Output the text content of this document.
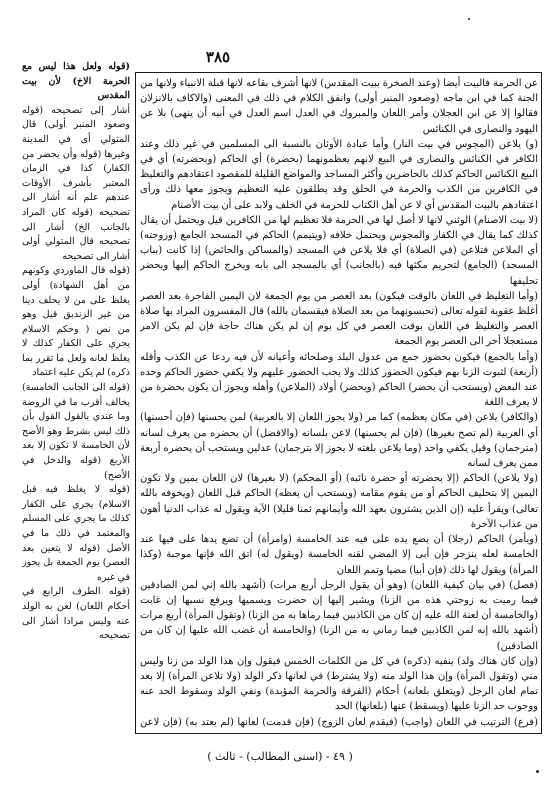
٣٨٥

(قوله ولعل هذا ليس مع الحرمة الاخ) لأن بيت المقدس

أشار إلى تصحيحه (قوله وصعود المنبر أولى) قال المتولي أى في المدينة وغيرها (قوله وأن يحضر من الكفار) كذا في الزمان المعتبر بأشرف الأوقات عندهم علم أنه أشار الى تصحيحه (قوله كان المراد بالجانب الخ) أشار الى تصحيحه قال المتولي أولى أشار الى تصحيحه

(قوله قال الماوردي وكونهم من أهل الشهادة) أولى يغلظ على من لا يحلف دينا من غير الزنديق قيل وهو من نص ( وحكم الاسلام يجري على الكفار كذلك لا يغلظ لعانه ولعل ما تقرر بما ذكره) لم يكن عليه اعتماد

(قوله الى الجانب الخامسة) يخالف أقرب ما في الروضة وما عندي بالقول القول بأن ذلك ليس بشرط وهو الأصح لأن الخامسة لا تكون إلا بعد الأربع (قوله والدخل في الأصح)

(قوله لا يغلظ فيه قبل الاسلام) يجري على الكفار كذلك ما يجري على المسلم والمعتمد في ذلك ما في الأصل (قوله لا يتعين بعد العصر) يوم الجمعة بل يجوز في غيره

(قوله الطرف الرابع في أحكام اللعان) لعن به الولد عنه وليس مرادا أشار الى تصحيحه

عن الحرمة فالبيت أيضا (وعند الصخرة ببيت المقدس) لانها أشرف بقاعه لانها قبلة الانبياء ولانها من الجنة كما في ابن ماجه (وصعود المنبر أولى) وانفق الكلام في ذلك في المعنى (والاكاف بالانزلان فقالوا إلا عن ابن العجلان وأمر اللعان والمبروك في العدل اسم العدل في أبيه أن ينهى) بلا عن اليهود والنصارى في الكنائس

(و) يلاعن (المجوس في بيت النار) وأما عبادة الأوثان بالنسبة الى المسلمين في غير ذلك وعند الكافر في الكنائس والنصارى في البيع لانهم يعظمونهما (بحضرة) أي الحاكم (وبحضرته) أي في البيع الكنائس الحاكم كذلك بالحاضرين وأكثر المساجد والمواضع القليلة للمقصود اعتقادهم والتغليظ في الكافرين من الكذب والحرمة في الخلق وقد يطلقون عليه التعظيم ويجوز معها ذلك ورأى اعتقادهم بالبيت المقدس أي لا عن أهل الكتاب للحرمة في الخلف ولابد على أن بيت الأصنام

(لا بيت الاصنام) الوثني لانها لا أصل لها في الحرمة فلا تعظيم لها من الكافرين قيل ويحتمل أن يقال كذلك كما يقال في الكفار والمجوس ويحتمل خلافه (ويتيمم) الحاكم في المسجد الجامع (وزوجته) أي الملاعن فتلاعن (في الصلاة) أي فلا يلاعن في المسجد (والمساكن والحائض) إذا كانت (بباب المسجد) (الجامع) لتحريم مكثها فيه (بالجانب) أي بالمسجد الى بابه ويخرج الحاكم إليها ويحضر تحليفها

(وأما التغليظ في اللعان بالوقت فيكون) بعد العصر من يوم الجمعة لان اليمين الفاجرة بعد العصر أغلظ عقوبة لقوله تعالى (تحبسونهما من بعد الصلاة فيقسمان بالله) قال المفسرون المراد بها صلاة العصر والتغليظ في اللعان بوقت العصر في كل يوم إن لم يكن هناك حاجة فإن لم يكن الامر مستعجلا أخر الى العصر يوم الجمعة

(وأما بالجمع) فيكون بحضور جمع من عدول البلد وصلحائه وأعيانه لأن فيه ردعا عن الكذب وأقله (أربعة) لثبوت الزنا بهم فيكون الحضور كذلك ولا يجب الحضور عليهم ولا يكفي حضور الحاكم وحده عند البعض (ويستحب أن يحضر) الحاكم (ويحضر) أولاد (الملاعن) وأهله ويجوز أن يكون بحضرة من لا يعرف اللغة

(والكافر) يلاعن (في مكان يعظمه) كما مر (ولا يجوز اللعان إلا بالعربية) لمن يحسنها (فإن أحسنها) أي العربية (لم تصح بغيرها) (فإن لم يحسنها) لاعن بلسانه (والافضل) أن يحضره من يعرف لسانه (مترجمان) وقيل يكفي واحد (وما يلاعن بلغته لا يجوز إلا بترجمان) عدلين ويستحب أن يحضره أربعة ممن يعرف لسانه

(ولا يلاعن) الحاكم (إلا بحضرته أو حضرة نائبه) (أو المحكم) (لا بغيرها) لان اللعان يمين ولا تكون اليمين إلا بتحليف الحاكم أو من يقوم مقامه (ويستحب أن يعظه) الحاكم قبل اللعان (ويخوفه بالله تعالى) ويقرأ عليه (إن الذين يشترون بعهد الله وأيمانهم ثمنا قليلا) الآية ويقول له عذاب الدنيا أهون من عذاب الآخرة

(ويأمر) الحاكم (رجلا) أن يضع يده على فيه عند الخامسة (وامرأة) أن تضع يدها على فيها عند الخامسة لعله ينزجر فإن أبى إلا المضي لقنه الخامسة (ويقول له) اتق الله فإنها موجبة (وكذا المرأة) ويقول لها ذلك (فإن أبيا) مضيا وتمم اللعان

(فصل) (في بيان كيفية اللعان) (وهو أن يقول الرجل أربع مرات) (أشهد بالله إني لمن الصادقين فيما رميت به زوجتي هذه من الزنا) ويشير إليها إن حضرت ويسميها ويرفع نسبها إن غابت (والخامسة أن لعنة الله عليه إن كان من الكاذبين فيما رماها به من الزنا) (وتقول المرأة) أربع مرات (أشهد بالله إنه لمن الكاذبين فيما رماني به من الزنا) (والخامسة أن غضب الله عليها إن كان من الصادقين)

(وإن كان هناك ولد) ينفيه (ذكره) في كل من الكلمات الخمس فيقول وإن هذا الولد من زنا وليس مني (وتقول المرأة) وإن هذا الولد منه (ولا يشترط) في لعانها ذكر الولد (ولا تلاعن المرأة) إلا بعد تمام لعان الرجل (ويتعلق بلعانه) أحكام (الفرقة والحرمة المؤبدة) ونفي الولد وسقوط الحد عنه ووجوب حد الزنا عليها (ويسقط) عنها (بلعانها) الحد

(فرع) الترتيب في اللعان (واجب) (فيقدم لعان الزوج) (فإن قدمت) لعانها (لم يعتد به) (فإن لاعن

( ٤٩ - (اسنى المطالب) - ثالث )
